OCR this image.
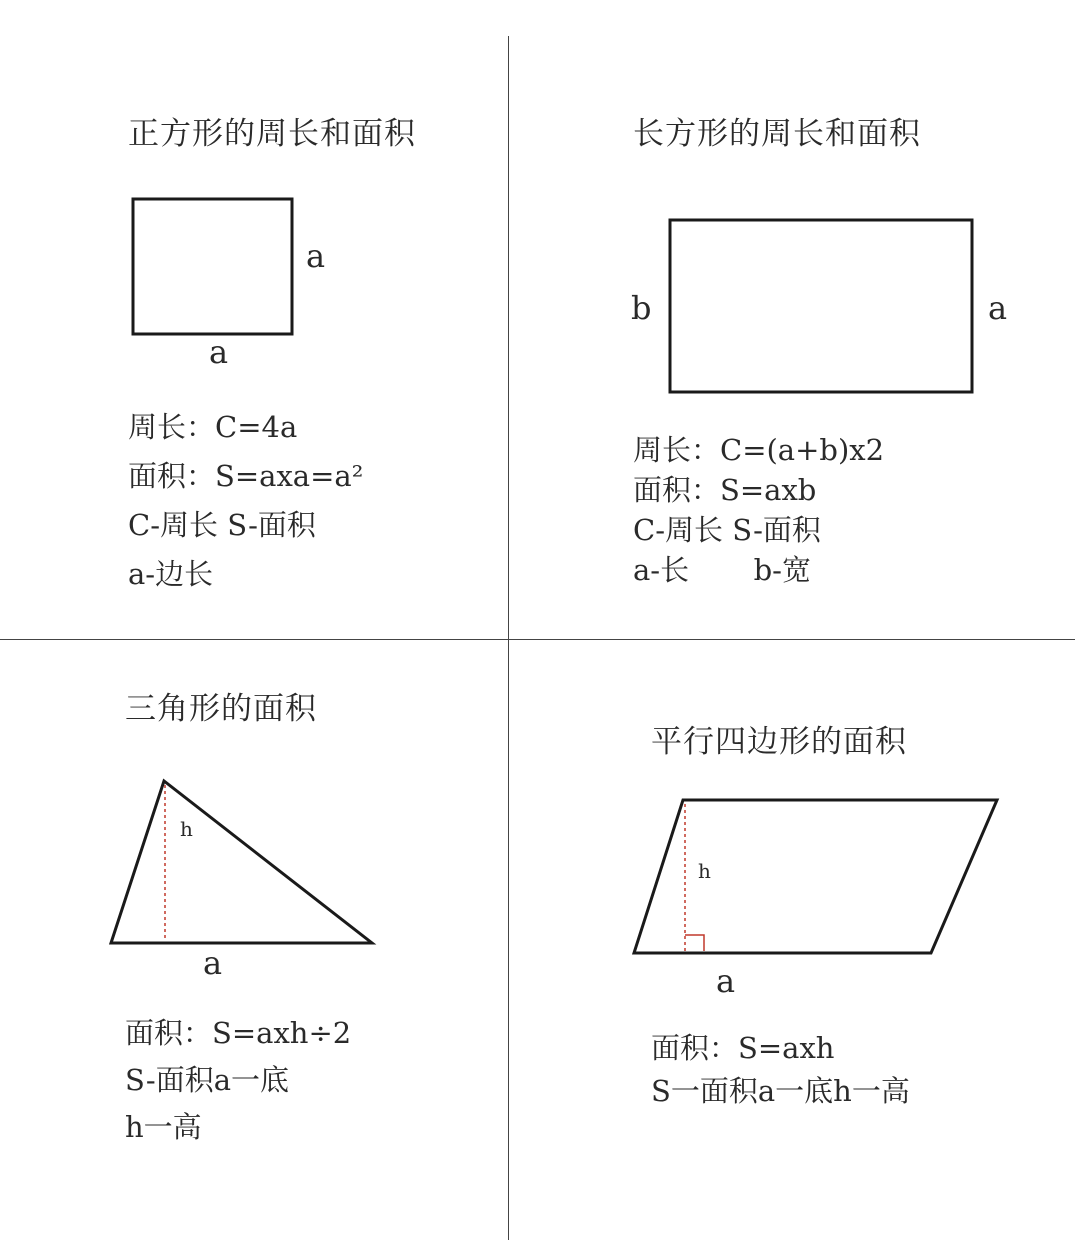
正方形的周长和面积
a
a
周长：C=4a
面积：S=axa=a²
C-周长 S-面积
a-边长
长方形的周长和面积
b	a
周长：C=(a+b)x2
面积：S=axb
C-周长 S-面积
a-长       b-宽
三角形的面积
h
a
面积：S=axh÷2
S-面积a一底
h一高
平行四边形的面积
h
a
面积：S=axh
S一面积a一底h一高
